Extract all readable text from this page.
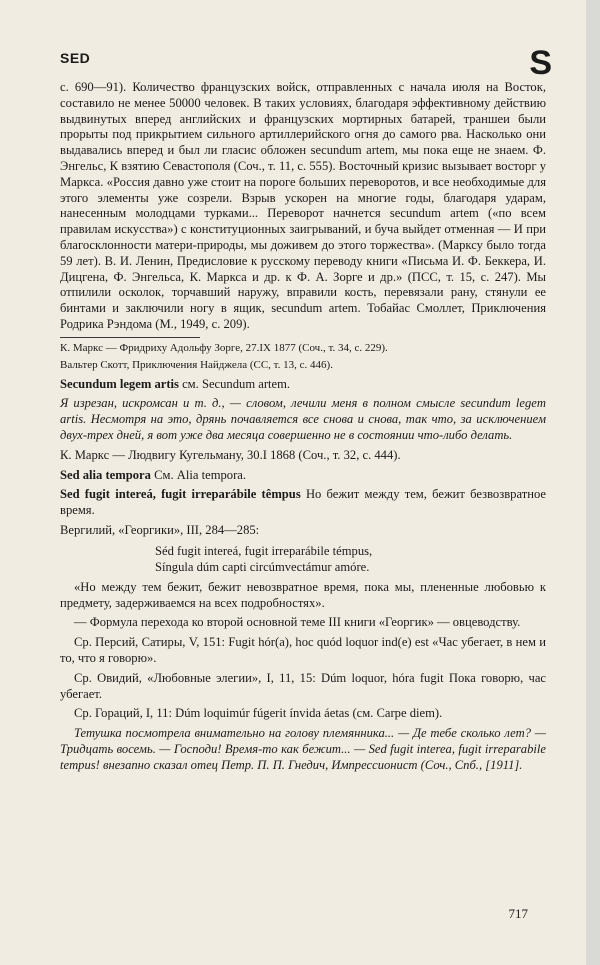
SED	S

с. 690—91). Количество французских войск, отправленных с начала июля на Восток, составило не менее 50000 человек. В таких условиях, благодаря эффективному действию выдвинутых вперед английских и французских мортирных батарей, траншеи были прорыты под прикрытием сильного артиллерийского огня до самого рва. Насколько они выдавались вперед и был ли гласис обложен secundum artem, мы пока еще не знаем. Ф. Энгельс, К взятию Севастополя (Соч., т. 11, с. 555). Восточный кризис вызывает восторг у Маркса. «Россия давно уже стоит на пороге больших переворотов, и все необходимые для этого элементы уже созрели. Взрыв ускорен на многие годы, благодаря ударам, нанесенным молодцами турками... Переворот начнется secundum artem («по всем правилам искусства») с конституционных заигрываний, и буча выйдет отменная — И при благосклонности матери-природы, мы доживем до этого торжества». (Марксу было тогда 59 лет). В. И. Ленин, Предисловие к русскому переводу книги «Письма И. Ф. Беккера, И. Дицгена, Ф. Энгельса, К. Маркса и др. к Ф. А. Зорге и др.» (ПСС, т. 15, с. 247). Мы отпилили осколок, торчавший наружу, вправили кость, перевязали рану, стянули ее бинтами и заключили ногу в ящик, secundum artem. Тобайас Смоллет, Приключения Родрика Рэндома (М., 1949, с. 209).

К. Маркс — Фридриху Адольфу Зорге, 27.IX 1877 (Соч., т. 34, с. 229).

Вальтер Скотт, Приключения Найджела (СС, т. 13, с. 446).

Secundum legem artis см. Secundum artem.

Я изрезан, искромсан и т. д., — словом, лечили меня в полном смысле secundum legem artis. Несмотря на это, дрянь почавляется все снова и снова, так что, за исключением двух-трех дней, я вот уже два месяца совершенно не в состоянии что-либо делать.

К. Маркс — Людвигу Кугельману, 30.I 1868 (Соч., т. 32, с. 444).

Sed alia tempora См. Alia tempora.

Sed fugit intereá, fugit irreparábile têmpus Но бежит между тем, бежит безвозвратное время.

Вергилий, «Георгики», III, 284—285:

Séd fugit intereá, fugit irreparábile témpus,
Síngula dúm capti circúmvectámur amóre.

«Но между тем бежит, бежит невозвратное время, пока мы, плененные любовью к предмету, задерживаемся на всех подробностях».

— Формула перехода ко второй основной теме III книги «Георгик» — овцеводству.

Ср. Персий, Сатиры, V, 151: Fugit hór(a), hoc quód loquor ind(e) est «Час убегает, в нем и то, что я говорю».

Ср. Овидий, «Любовные элегии», I, 11, 15: Dúm loquor, hóra fugit Пока говорю, час убегает.

Ср. Гораций, I, 11: Dúm loquimúr fúgerit ínvida áetas (см. Carpe diem).

Тетушка посмотрела внимательно на голову племянника... — Де тебе сколько лет? — Тридцать восемь. — Господи! Время-то как бежит... — Sed fugit interea, fugit irreparabile tempus! внезапно сказал отец Петр. П. П. Гнедич, Импрессионист (Соч., Спб., [1911].

717
